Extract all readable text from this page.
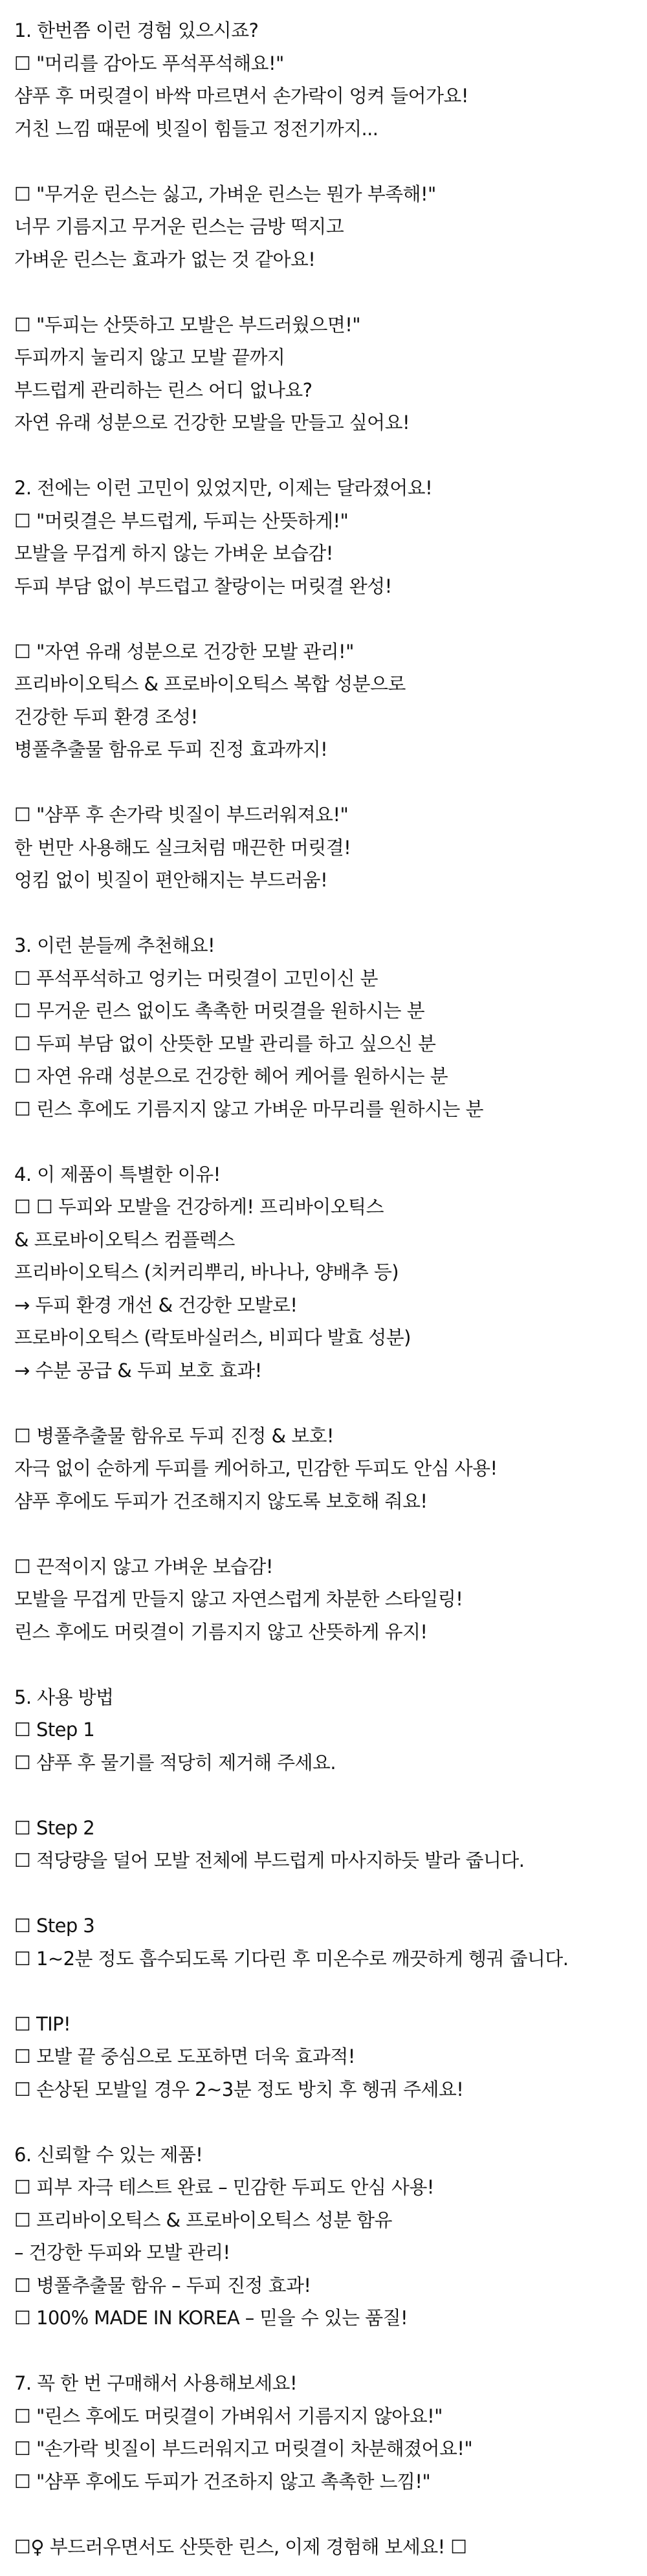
1. 한번쯤 이런 경험 있으시죠?
☐ "머리를 감아도 푸석푸석해요!"
샴푸 후 머릿결이 바싹 마르면서 손가락이 엉켜 들어가요!
거친 느낌 때문에 빗질이 힘들고 정전기까지...
☐ "무거운 린스는 싫고, 가벼운 린스는 뭔가 부족해!"
너무 기름지고 무거운 린스는 금방 떡지고
가벼운 린스는 효과가 없는 것 같아요!
☐ "두피는 산뜻하고 모발은 부드러웠으면!"
두피까지 눌리지 않고 모발 끝까지
부드럽게 관리하는 린스 어디 없나요?
자연 유래 성분으로 건강한 모발을 만들고 싶어요!
2. 전에는 이런 고민이 있었지만, 이제는 달라졌어요!
☐ "머릿결은 부드럽게, 두피는 산뜻하게!"
모발을 무겁게 하지 않는 가벼운 보습감!
두피 부담 없이 부드럽고 찰랑이는 머릿결 완성!
☐ "자연 유래 성분으로 건강한 모발 관리!"
프리바이오틱스 & 프로바이오틱스 복합 성분으로
건강한 두피 환경 조성!
병풀추출물 함유로 두피 진정 효과까지!
☐ "샴푸 후 손가락 빗질이 부드러워져요!"
한 번만 사용해도 실크처럼 매끈한 머릿결!
엉킴 없이 빗질이 편안해지는 부드러움!
3. 이런 분들께 추천해요!
☐ 푸석푸석하고 엉키는 머릿결이 고민이신 분
☐ 무거운 린스 없이도 촉촉한 머릿결을 원하시는 분
☐ 두피 부담 없이 산뜻한 모발 관리를 하고 싶으신 분
☐ 자연 유래 성분으로 건강한 헤어 케어를 원하시는 분
☐ 린스 후에도 기름지지 않고 가벼운 마무리를 원하시는 분
4. 이 제품이 특별한 이유!
☐ ☐ 두피와 모발을 건강하게! 프리바이오틱스
& 프로바이오틱스 컴플렉스
프리바이오틱스 (치커리뿌리, 바나나, 양배추 등)
→ 두피 환경 개선 & 건강한 모발로!
프로바이오틱스 (락토바실러스, 비피다 발효 성분)
→ 수분 공급 & 두피 보호 효과!
☐ 병풀추출물 함유로 두피 진정 & 보호!
자극 없이 순하게 두피를 케어하고, 민감한 두피도 안심 사용!
샴푸 후에도 두피가 건조해지지 않도록 보호해 줘요!
☐ 끈적이지 않고 가벼운 보습감!
모발을 무겁게 만들지 않고 자연스럽게 차분한 스타일링!
린스 후에도 머릿결이 기름지지 않고 산뜻하게 유지!
5. 사용 방법
☐ Step 1
☐ 샴푸 후 물기를 적당히 제거해 주세요.
☐ Step 2
☐ 적당량을 덜어 모발 전체에 부드럽게 마사지하듯 발라 줍니다.
☐ Step 3
☐ 1~2분 정도 흡수되도록 기다린 후 미온수로 깨끗하게 헹궈 줍니다.
☐ TIP!
☐ 모발 끝 중심으로 도포하면 더욱 효과적!
☐ 손상된 모발일 경우 2~3분 정도 방치 후 헹궈 주세요!
6. 신뢰할 수 있는 제품!
☐ 피부 자극 테스트 완료 – 민감한 두피도 안심 사용!
☐ 프리바이오틱스 & 프로바이오틱스 성분 함유
– 건강한 두피와 모발 관리!
☐ 병풀추출물 함유 – 두피 진정 효과!
☐ 100% MADE IN KOREA – 믿을 수 있는 품질!
7. 꼭 한 번 구매해서 사용해보세요!
☐ "린스 후에도 머릿결이 가벼워서 기름지지 않아요!"
☐ "손가락 빗질이 부드러워지고 머릿결이 차분해졌어요!"
☐ "샴푸 후에도 두피가 건조하지 않고 촉촉한 느낌!"
☐♀ 부드러우면서도 산뜻한 린스, 이제 경험해 보세요! ☐
